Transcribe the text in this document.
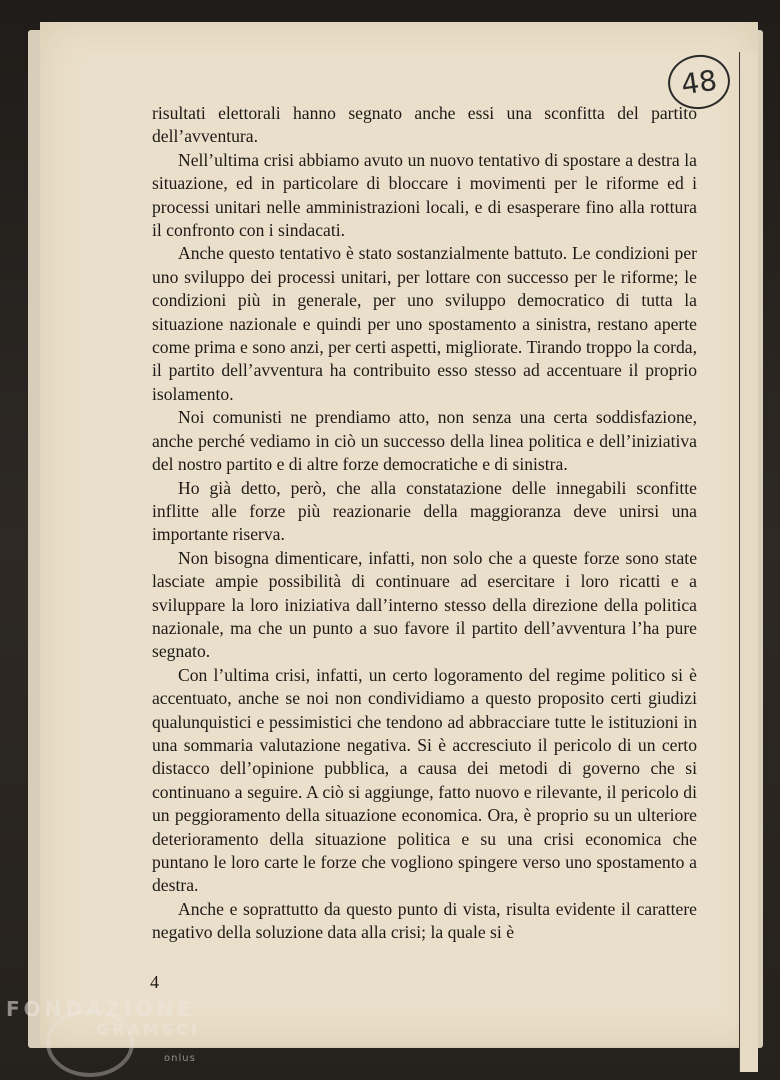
48

risultati elettorali hanno segnato anche essi una sconfitta del partito dell’avventura.

Nell’ultima crisi abbiamo avuto un nuovo tentativo di spostare a destra la situazione, ed in particolare di bloccare i movimenti per le riforme ed i processi unitari nelle amministrazioni locali, e di esasperare fino alla rottura il confronto con i sindacati.

Anche questo tentativo è stato sostanzialmente battuto. Le condizioni per uno sviluppo dei processi unitari, per lottare con successo per le riforme; le condizioni più in generale, per uno sviluppo democratico di tutta la situazione nazionale e quindi per uno spostamento a sinistra, restano aperte come prima e sono anzi, per certi aspetti, migliorate. Tirando troppo la corda, il partito dell’avventura ha contribuito esso stesso ad accentuare il proprio isolamento.

Noi comunisti ne prendiamo atto, non senza una certa soddisfazione, anche perché vediamo in ciò un successo della linea politica e dell’iniziativa del nostro partito e di altre forze democratiche e di sinistra.

Ho già detto, però, che alla constatazione delle innegabili sconfitte inflitte alle forze più reazionarie della maggioranza deve unirsi una importante riserva.

Non bisogna dimenticare, infatti, non solo che a queste forze sono state lasciate ampie possibilità di continuare ad esercitare i loro ricatti e a sviluppare la loro iniziativa dall’interno stesso della direzione della politica nazionale, ma che un punto a suo favore il partito dell’avventura l’ha pure segnato.

Con l’ultima crisi, infatti, un certo logoramento del regime politico si è accentuato, anche se noi non condividiamo a questo proposito certi giudizi qualunquistici e pessimistici che tendono ad abbracciare tutte le istituzioni in una sommaria valutazione negativa. Si è accresciuto il pericolo di un certo distacco dell’opinione pubblica, a causa dei metodi di governo che si continuano a seguire. A ciò si aggiunge, fatto nuovo e rilevante, il pericolo di un peggioramento della situazione economica. Ora, è proprio su un ulteriore deterioramento della situazione politica e su una crisi economica che puntano le loro carte le forze che vogliono spingere verso uno spostamento a destra.

Anche e soprattutto da questo punto di vista, risulta evidente il carattere negativo della soluzione data alla crisi; la quale si è

4
FONDAZIONE
GRAMSCI
onlus
